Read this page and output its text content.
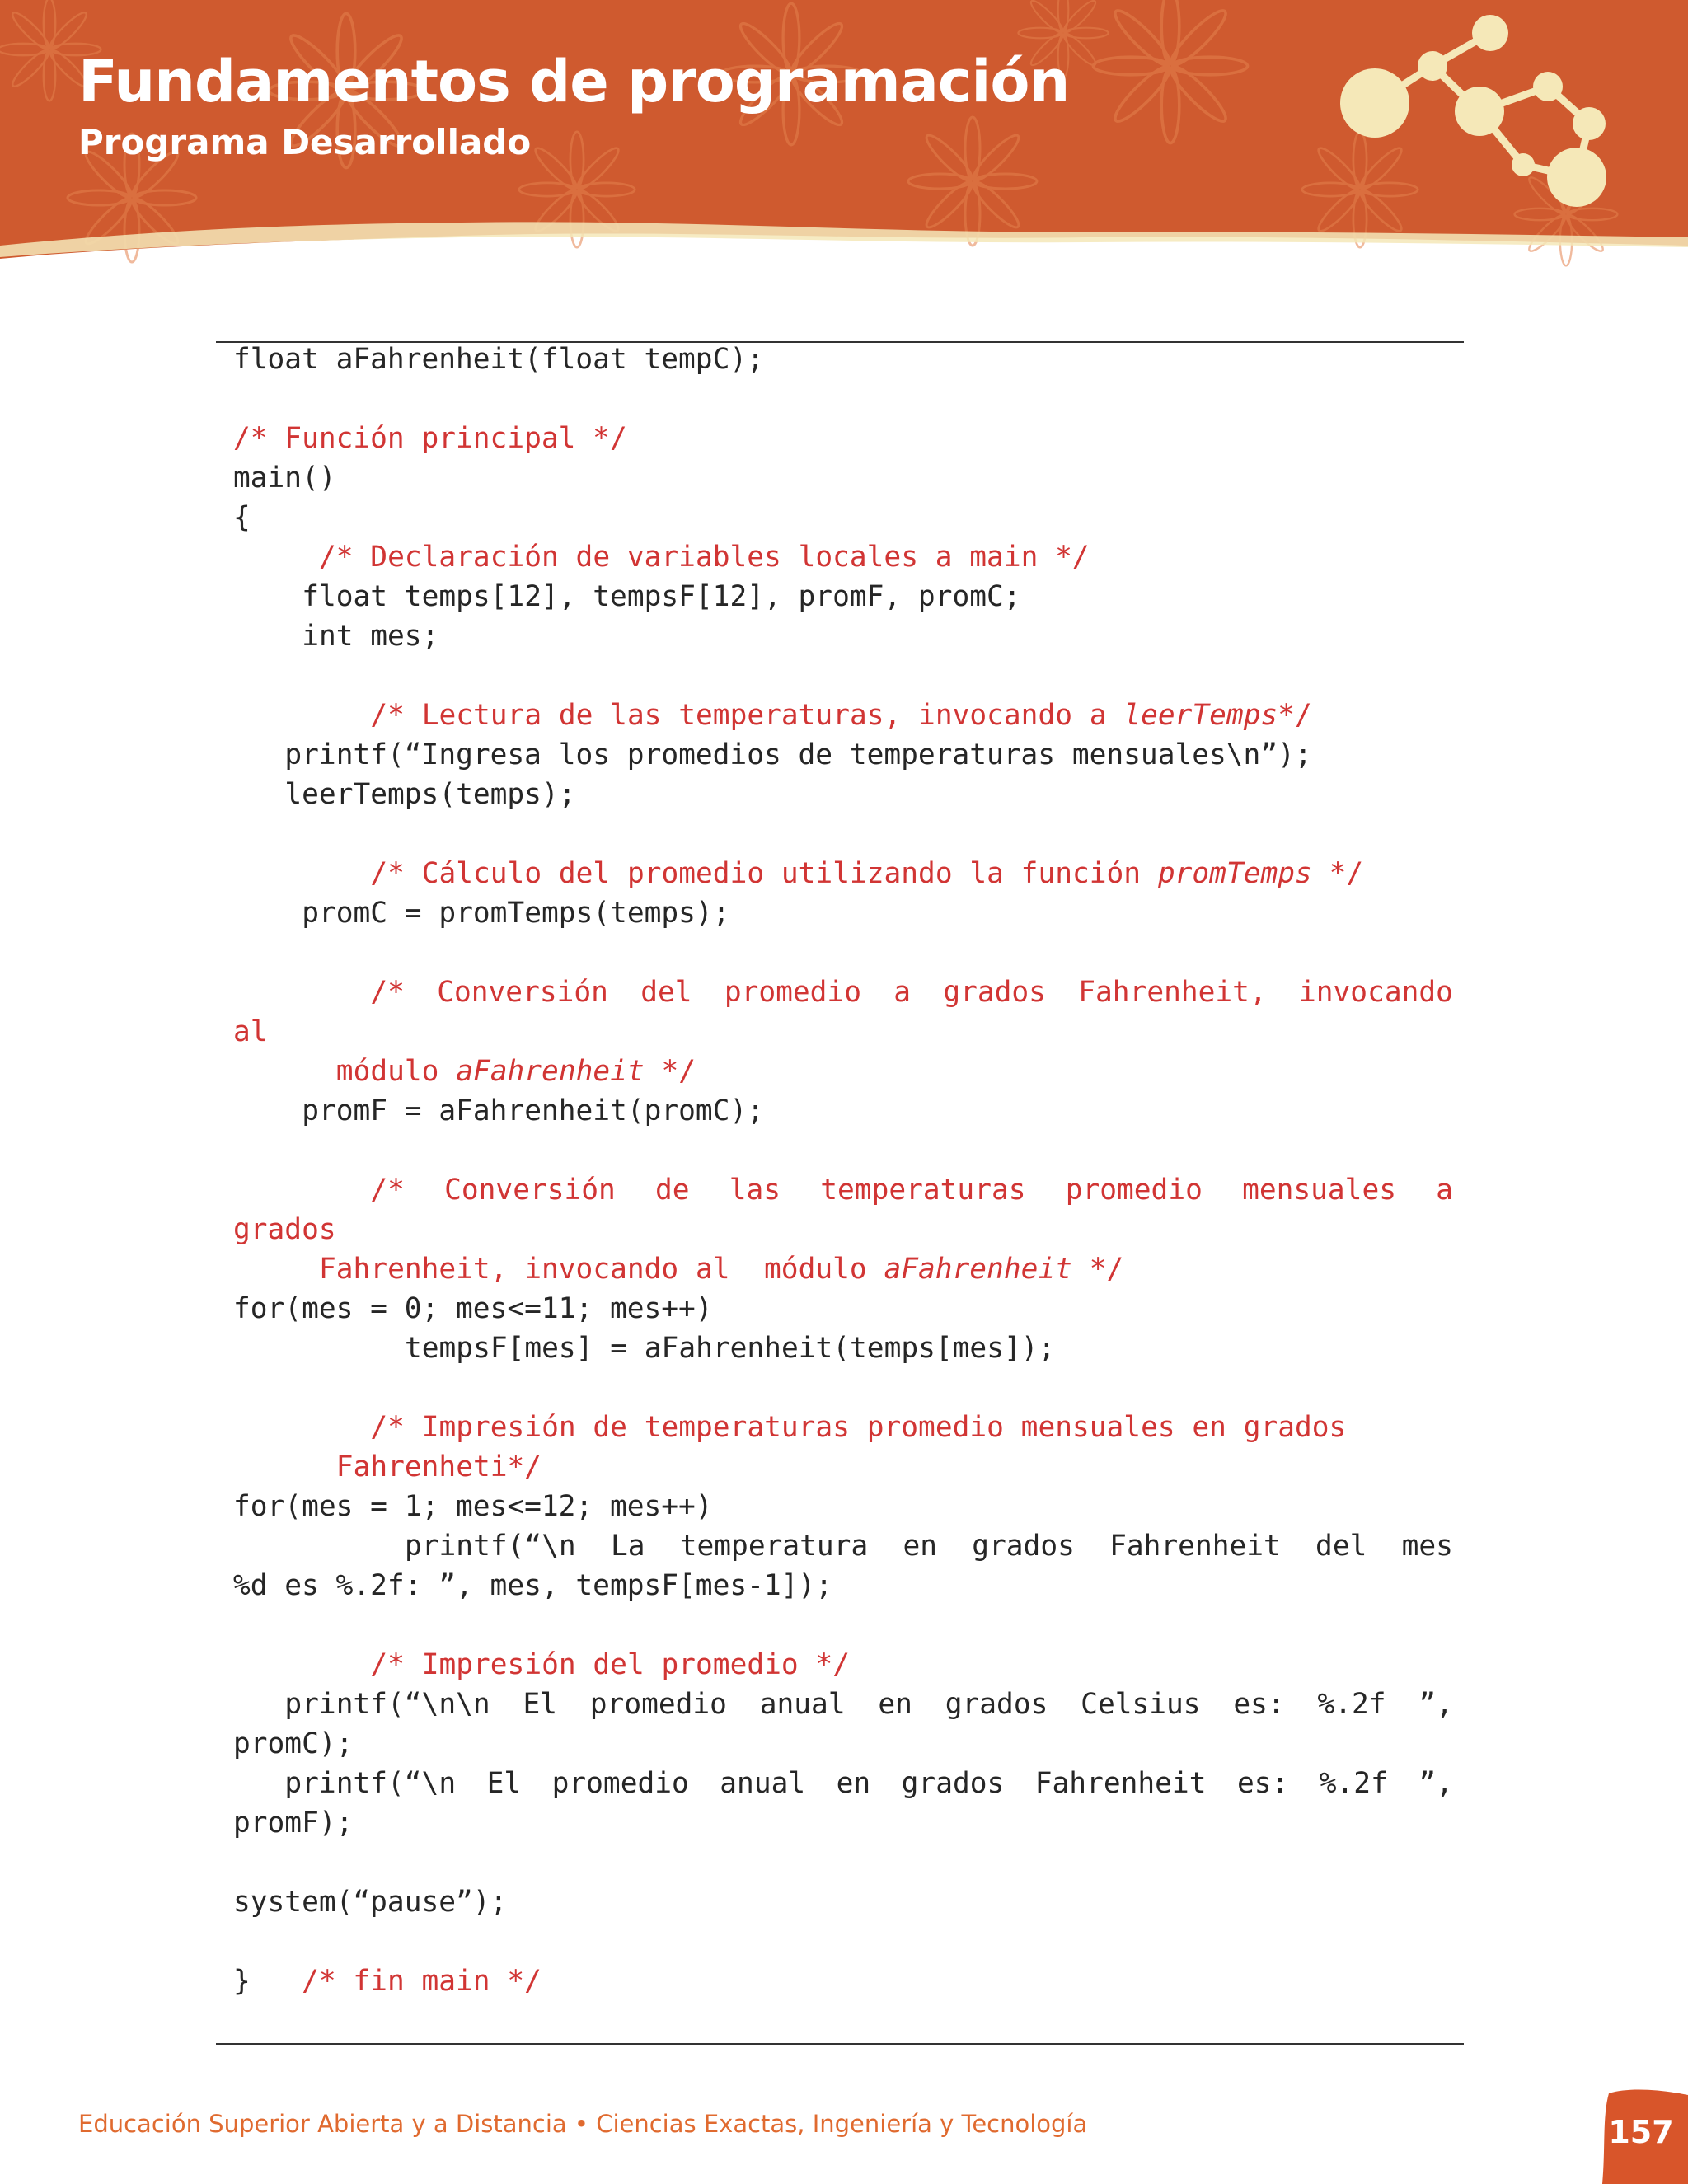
Fundamentos de programación
Programa Desarrollado
float aFahrenheit(float tempC);
/* Función principal */
main()
{
/* Declaración de variables locales a main */
float temps[12], tempsF[12], promF, promC;
int mes;
/* Lectura de las temperaturas, invocando a leerTemps*/
printf(“Ingresa los promedios de temperaturas mensuales\n”);
leerTemps(temps);
/* Cálculo del promedio utilizando la función promTemps */
promC = promTemps(temps);
/* Conversión del promedio a grados Fahrenheit, invocando
al
módulo aFahrenheit */
promF = aFahrenheit(promC);
/* Conversión de las temperaturas promedio mensuales a
grados
Fahrenheit, invocando al  módulo aFahrenheit */
for(mes = 0; mes<=11; mes++)
tempsF[mes] = aFahrenheit(temps[mes]);
/* Impresión de temperaturas promedio mensuales en grados
Fahrenheti*/
for(mes = 1; mes<=12; mes++)
printf(“\n La temperatura en grados Fahrenheit del mes
%d es %.2f: ”, mes, tempsF[mes-1]);
/* Impresión del promedio */
printf(“\n\n El promedio anual en grados Celsius es: %.2f ”,
promC);
printf(“\n El promedio anual en grados Fahrenheit es: %.2f ”,
promF);
system(“pause”);
}   /* fin main */
Educación Superior Abierta y a Distancia • Ciencias Exactas, Ingeniería y Tecnología	157
